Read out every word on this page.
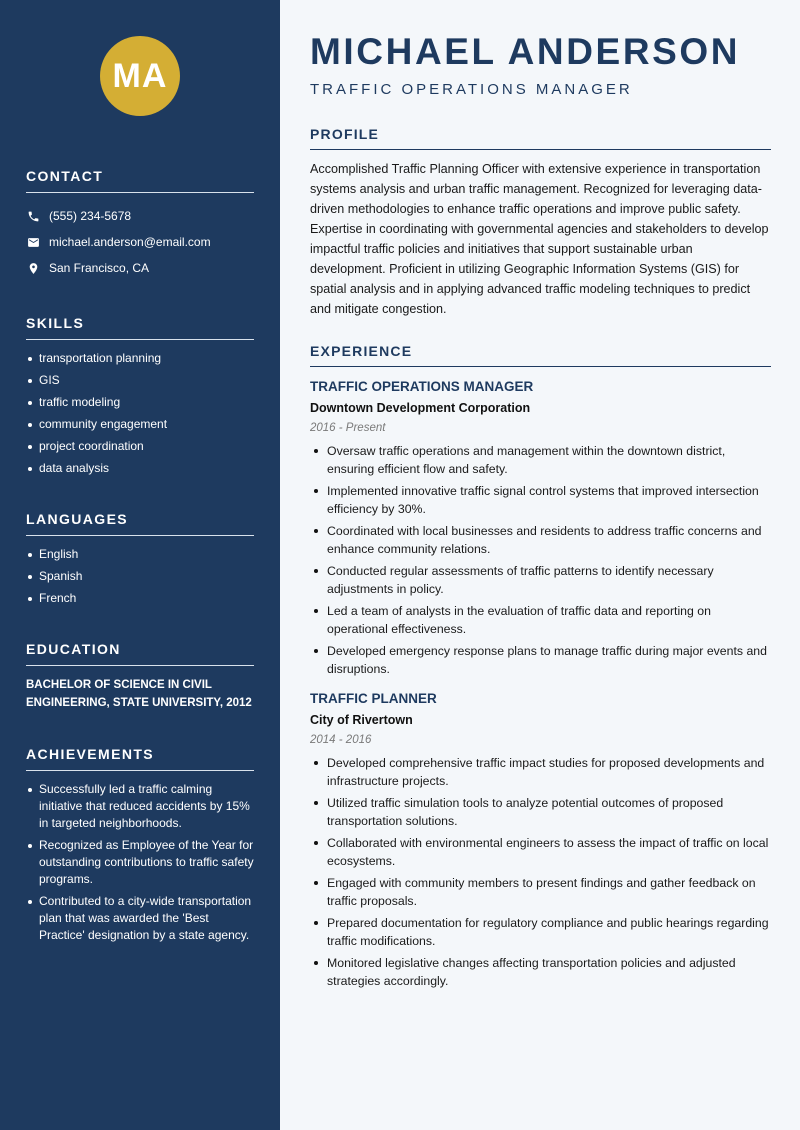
MA
CONTACT
(555) 234-5678
michael.anderson@email.com
San Francisco, CA
SKILLS
transportation planning
GIS
traffic modeling
community engagement
project coordination
data analysis
LANGUAGES
English
Spanish
French
EDUCATION
BACHELOR OF SCIENCE IN CIVIL ENGINEERING, STATE UNIVERSITY, 2012
ACHIEVEMENTS
Successfully led a traffic calming initiative that reduced accidents by 15% in targeted neighborhoods.
Recognized as Employee of the Year for outstanding contributions to traffic safety programs.
Contributed to a city-wide transportation plan that was awarded the 'Best Practice' designation by a state agency.
MICHAEL ANDERSON
TRAFFIC OPERATIONS MANAGER
PROFILE

Accomplished Traffic Planning Officer with extensive experience in transportation systems analysis and urban traffic management. Recognized for leveraging data-driven methodologies to enhance traffic operations and improve public safety. Expertise in coordinating with governmental agencies and stakeholders to develop impactful traffic policies and initiatives that support sustainable urban development. Proficient in utilizing Geographic Information Systems (GIS) for spatial analysis and in applying advanced traffic modeling techniques to predict and mitigate congestion.

EXPERIENCE
TRAFFIC OPERATIONS MANAGER
Downtown Development Corporation
2016 - Present
Oversaw traffic operations and management within the downtown district, ensuring efficient flow and safety.
Implemented innovative traffic signal control systems that improved intersection efficiency by 30%.
Coordinated with local businesses and residents to address traffic concerns and enhance community relations.
Conducted regular assessments of traffic patterns to identify necessary adjustments in policy.
Led a team of analysts in the evaluation of traffic data and reporting on operational effectiveness.
Developed emergency response plans to manage traffic during major events and disruptions.
TRAFFIC PLANNER
City of Rivertown
2014 - 2016
Developed comprehensive traffic impact studies for proposed developments and infrastructure projects.
Utilized traffic simulation tools to analyze potential outcomes of proposed transportation solutions.
Collaborated with environmental engineers to assess the impact of traffic on local ecosystems.
Engaged with community members to present findings and gather feedback on traffic proposals.
Prepared documentation for regulatory compliance and public hearings regarding traffic modifications.
Monitored legislative changes affecting transportation policies and adjusted strategies accordingly.
